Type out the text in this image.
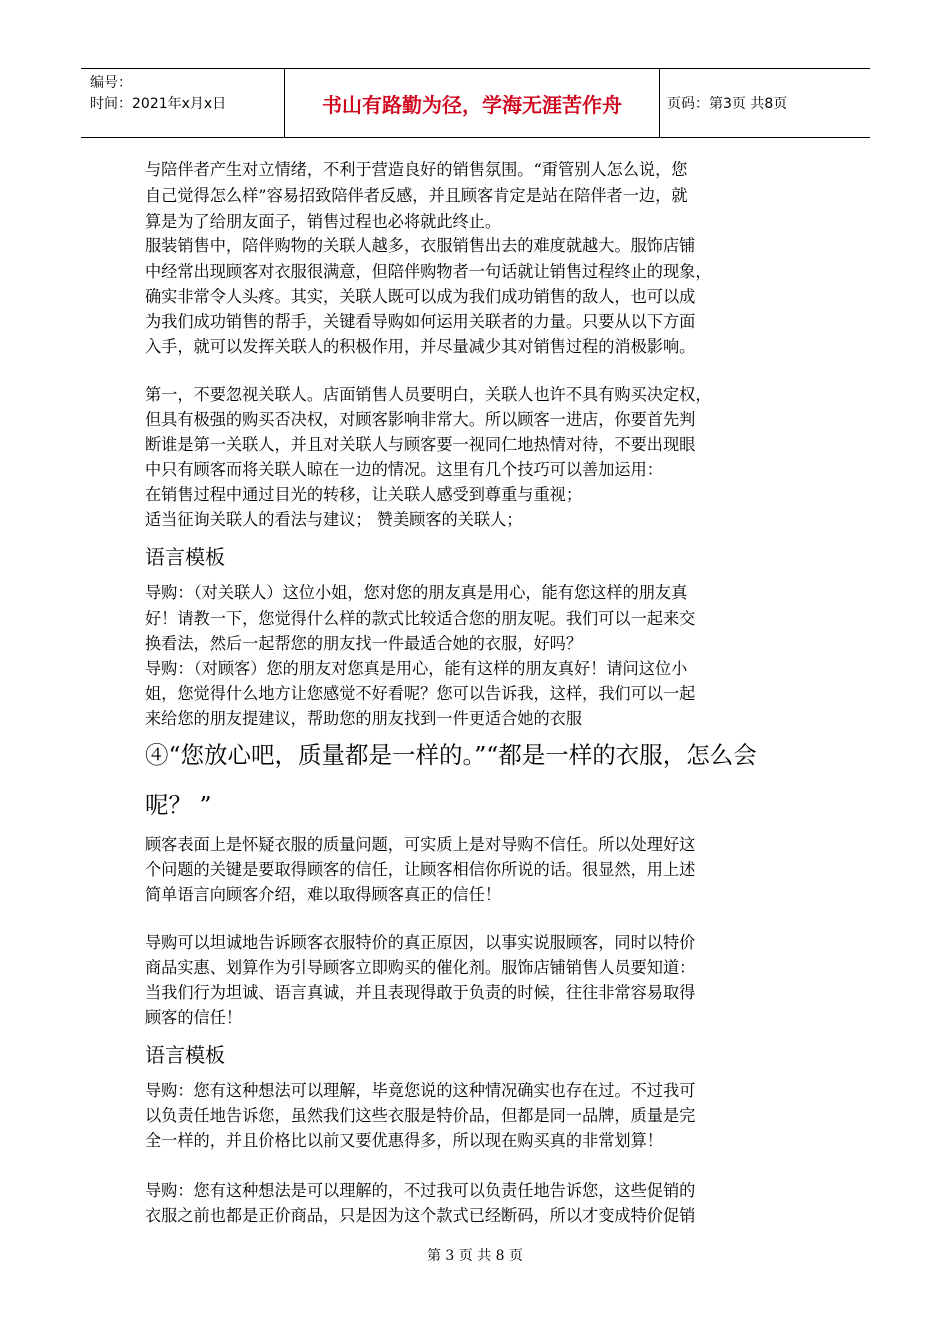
编号：
时间：2021年x月x日	书山有路勤为径，学海无涯苦作舟	页码：第3页 共8页
与陪伴者产生对立情绪，不利于营造良好的销售氛围。“甭管别人怎么说，您
自己觉得怎么样”容易招致陪伴者反感，并且顾客肯定是站在陪伴者一边，就
算是为了给朋友面子，销售过程也必将就此终止。
服装销售中，陪伴购物的关联人越多，衣服销售出去的难度就越大。服饰店铺
中经常出现顾客对衣服很满意，但陪伴购物者一句话就让销售过程终止的现象，
确实非常令人头疼。其实，关联人既可以成为我们成功销售的敌人，也可以成
为我们成功销售的帮手，关键看导购如何运用关联者的力量。只要从以下方面
入手，就可以发挥关联人的积极作用，并尽量减少其对销售过程的消极影响。
第一，不要忽视关联人。店面销售人员要明白，关联人也许不具有购买决定权，
但具有极强的购买否决权，对顾客影响非常大。所以顾客一进店，你要首先判
断谁是第一关联人，并且对关联人与顾客要一视同仁地热情对待，不要出现眼
中只有顾客而将关联人晾在一边的情况。这里有几个技巧可以善加运用：
在销售过程中通过目光的转移，让关联人感受到尊重与重视；
适当征询关联人的看法与建议； 赞美顾客的关联人；
语言模板
导购：（对关联人）这位小姐，您对您的朋友真是用心，能有您这样的朋友真
好！请教一下，您觉得什么样的款式比较适合您的朋友呢。我们可以一起来交
换看法，然后一起帮您的朋友找一件最适合她的衣服，好吗？
导购：（对顾客）您的朋友对您真是用心，能有这样的朋友真好！请问这位小
姐，您觉得什么地方让您感觉不好看呢？您可以告诉我，这样，我们可以一起
来给您的朋友提建议，帮助您的朋友找到一件更适合她的衣服
④“您放心吧，质量都是一样的。”“都是一样的衣服，怎么会
呢？ ”
顾客表面上是怀疑衣服的质量问题，可实质上是对导购不信任。所以处理好这
个问题的关键是要取得顾客的信任，让顾客相信你所说的话。很显然，用上述
简单语言向顾客介绍，难以取得顾客真正的信任！
导购可以坦诚地告诉顾客衣服特价的真正原因，以事实说服顾客，同时以特价
商品实惠、划算作为引导顾客立即购买的催化剂。服饰店铺销售人员要知道：
当我们行为坦诚、语言真诚，并且表现得敢于负责的时候，往往非常容易取得
顾客的信任！
语言模板
导购：您有这种想法可以理解，毕竟您说的这种情况确实也存在过。不过我可
以负责任地告诉您，虽然我们这些衣服是特价品，但都是同一品牌，质量是完
全一样的，并且价格比以前又要优惠得多，所以现在购买真的非常划算！
导购：您有这种想法是可以理解的，不过我可以负责任地告诉您，这些促销的
衣服之前也都是正价商品，只是因为这个款式已经断码，所以才变成特价促销
第 3 页 共 8 页
